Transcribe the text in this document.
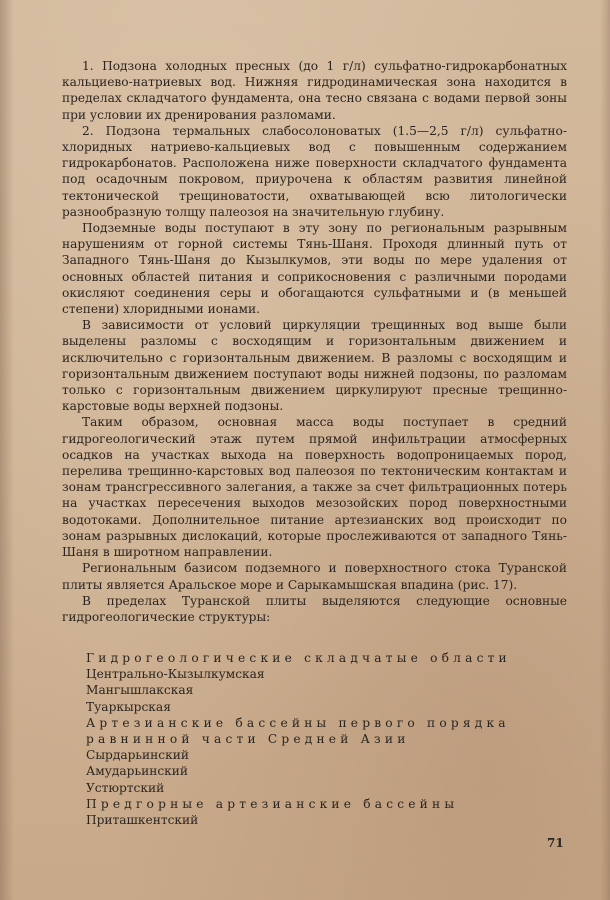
1. Подзона холодных пресных (до 1 г/л) сульфатно-гидрокарбонатных кальциево-натриевых вод. Нижняя гидродинамическая зона находится в пределах складчатого фундамента, она тесно связана с водами первой зоны при условии их дренирования разломами.

2. Подзона термальных слабосолоноватых (1.5—2,5 г/л) сульфатно-хлоридных натриево-кальциевых вод с повышенным содержанием гидрокарбонатов. Расположена ниже поверхности складчатого фундамента под осадочным покровом, приурочена к областям развития линейной тектонической трещиноватости, охватывающей всю литологически разнообразную толщу палеозоя на значительную глубину.

Подземные воды поступают в эту зону по региональным разрывным нарушениям от горной системы Тянь-Шаня. Проходя длинный путь от Западного Тянь-Шаня до Кызылкумов, эти воды по мере удаления от основных областей питания и соприкосновения с различными породами окисляют соединения серы и обогащаются сульфатными и (в меньшей степени) хлоридными ионами.

В зависимости от условий циркуляции трещинных вод выше были выделены разломы с восходящим и горизонтальным движением и исключительно с горизонтальным движением. В разломы с восходящим и горизонтальным движением поступают воды нижней подзоны, по разломам только с горизонтальным движением циркулируют пресные трещинно-карстовые воды верхней подзоны.

Таким образом, основная масса воды поступает в средний гидрогеологический этаж путем прямой инфильтрации атмосферных осадков на участках выхода на поверхность водопроницаемых пород, перелива трещинно-карстовых вод палеозоя по тектоническим контактам и зонам трансгрессивного залегания, а также за счет фильтрационных потерь на участках пересечения выходов мезозойских пород поверхностными водотоками. Дополнительное питание артезианских вод происходит по зонам разрывных дислокаций, которые прослеживаются от западного Тянь-Шаня в широтном направлении.

Региональным базисом подземного и поверхностного стока Туранской плиты является Аральское море и Сарыкамышская впадина (рис. 17).

В пределах Туранской плиты выделяются следующие основные гидрогеологические структуры:

Гидрогеологические складчатые области
Центрально-Кызылкумская
Мангышлакская
Туаркырская
Артезианские бассейны первого порядка
равнинной части Средней Азии
Сырдарьинский
Амударьинский
Устюртский
Предгорные артезианские бассейны
Приташкентский
71
